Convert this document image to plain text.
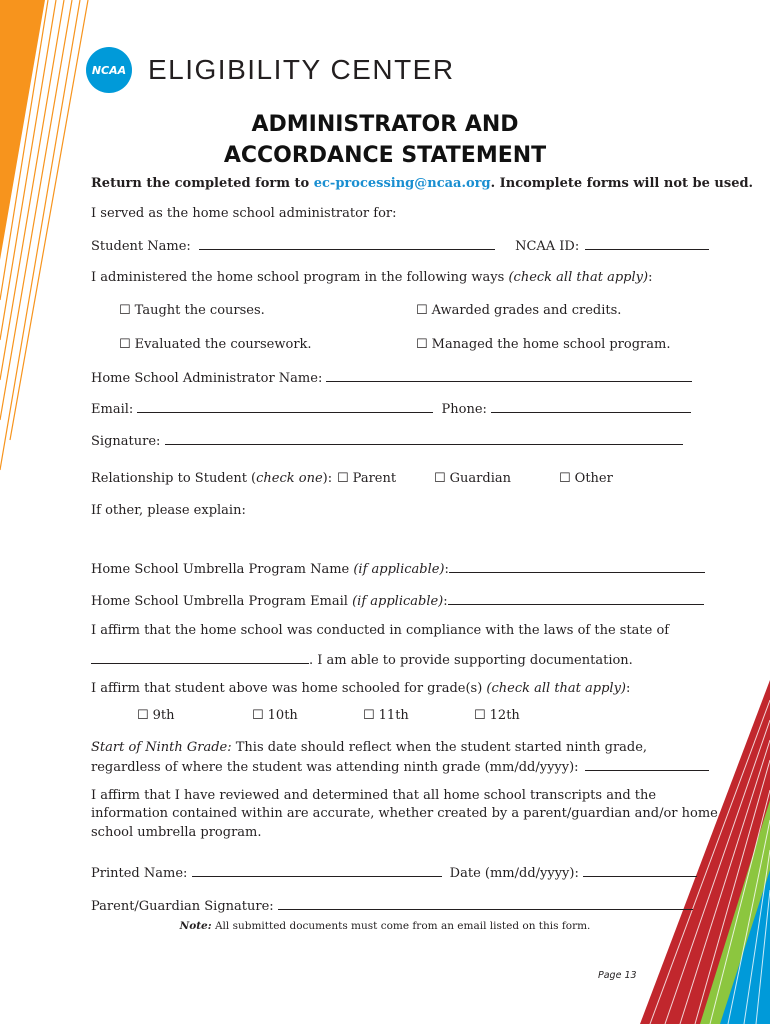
NCAA ELIGIBILITY CENTER
ADMINISTRATOR AND
ACCORDANCE STATEMENT
Return the completed form to ec-processing@ncaa.org. Incomplete forms will not be used.
I served as the home school administrator for:
Student Name:	NCAA ID:
I administered the home school program in the following ways (check all that apply):
☐ Taught the courses.	☐ Awarded grades and credits.
☐ Evaluated the coursework.	☐ Managed the home school program.
Home School Administrator Name:
Email:	Phone:
Signature:
Relationship to Student (check one): ☐ Parent	☐ Guardian	☐ Other
If other, please explain:
Home School Umbrella Program Name (if applicable):
Home School Umbrella Program Email (if applicable):
I affirm that the home school was conducted in compliance with the laws of the state of
. I am able to provide supporting documentation.
I affirm that student above was home schooled for grade(s) (check all that apply):
☐ 9th	☐ 10th	☐ 11th	☐ 12th
Start of Ninth Grade: This date should reflect when the student started ninth grade,
regardless of where the student was attending ninth grade (mm/dd/yyyy):
I affirm that I have reviewed and determined that all home school transcripts and the
information contained within are accurate, whether created by a parent/guardian and/or home
school umbrella program.
Printed Name:	Date (mm/dd/yyyy):
Parent/Guardian Signature:
Note: All submitted documents must come from an email listed on this form.
Page 13
